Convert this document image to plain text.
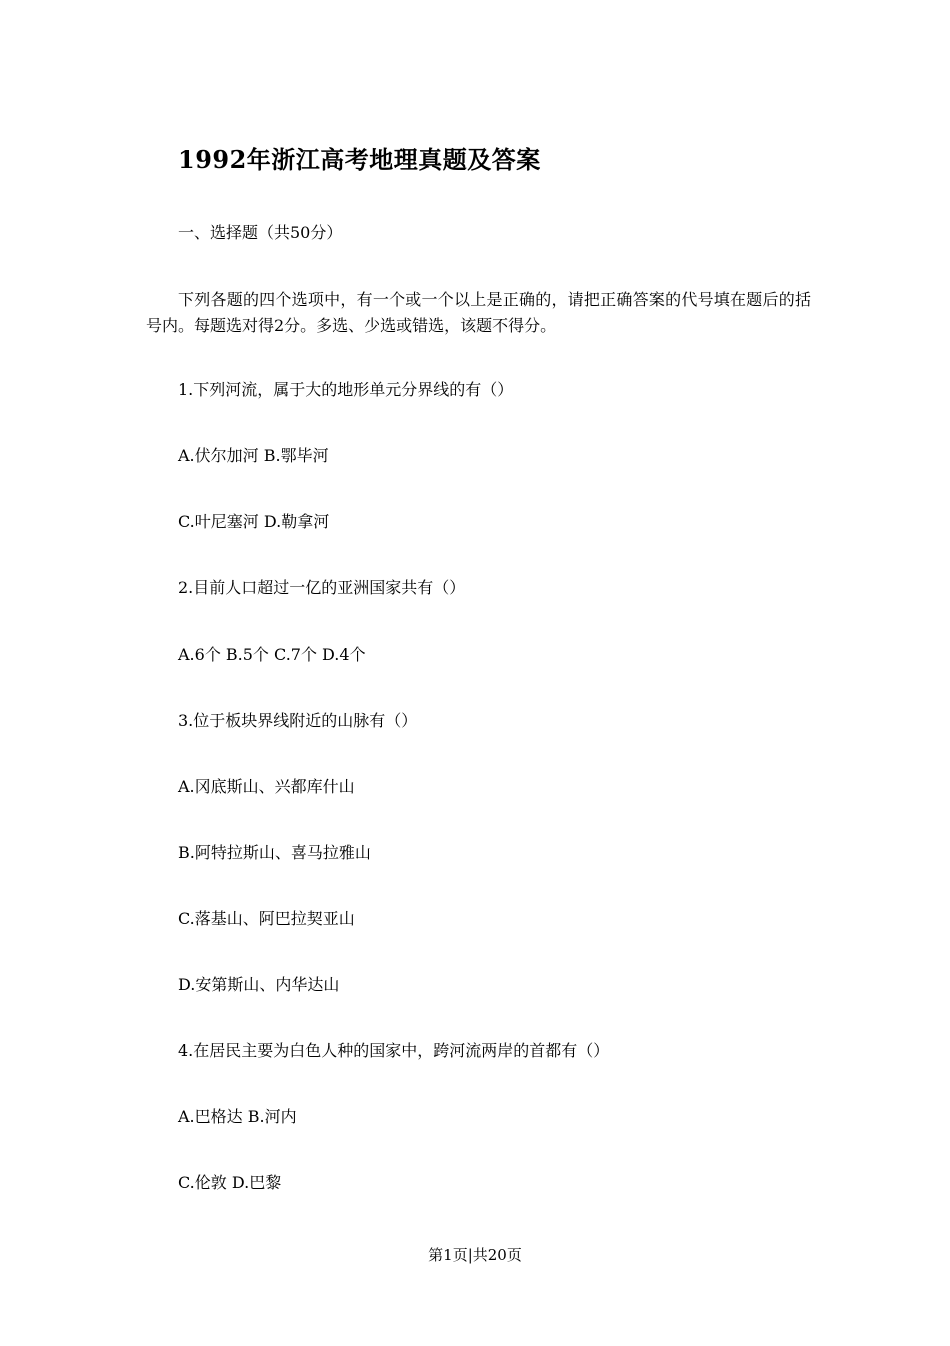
1992年浙江高考地理真题及答案
一、选择题（共50分）
下列各题的四个选项中，有一个或一个以上是正确的，请把正确答案的代号填在题后的括号内。每题选对得2分。多选、少选或错选，该题不得分。
1.下列河流，属于大的地形单元分界线的有（）
A.伏尔加河 B.鄂毕河
C.叶尼塞河 D.勒拿河
2.目前人口超过一亿的亚洲国家共有（）
A.6个 B.5个 C.7个 D.4个
3.位于板块界线附近的山脉有（）
A.冈底斯山、兴都库什山
B.阿特拉斯山、喜马拉雅山
C.落基山、阿巴拉契亚山
D.安第斯山、内华达山
4.在居民主要为白色人种的国家中，跨河流两岸的首都有（）
A.巴格达 B.河内
C.伦敦 D.巴黎
第1页|共20页
